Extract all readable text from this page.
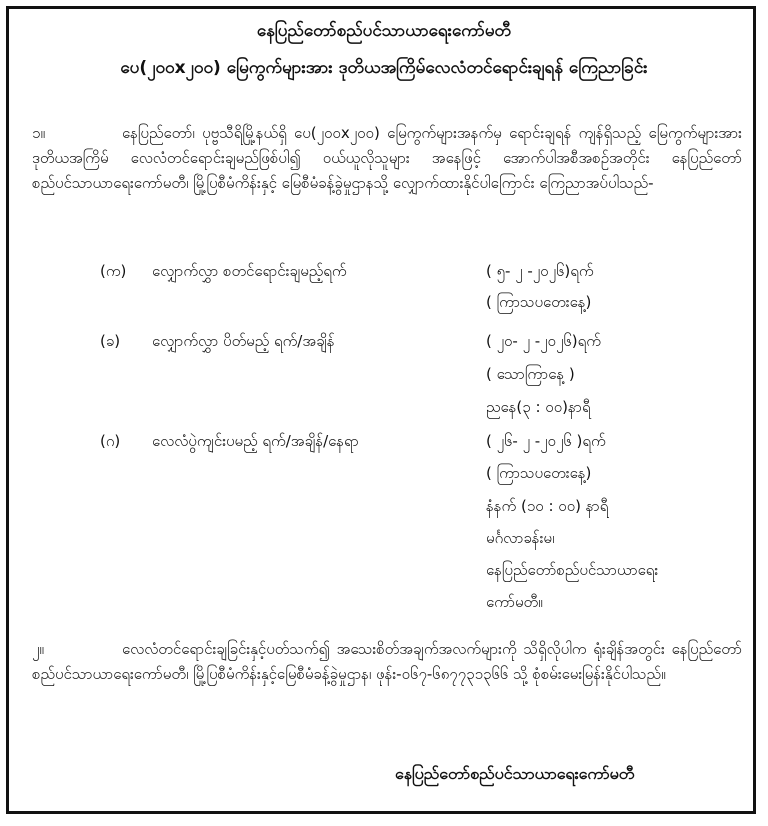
နေပြည်တော်စည်ပင်သာယာရေးကော်မတီ
ပေ(၂၀၀x၂၀၀) မြေကွက်များအား ဒုတိယအကြိမ်လေလံတင်ရောင်းချရန် ကြေညာခြင်း
၁။	နေပြည်တော်၊ ပုဗ္ဗသီရိမြို့နယ်ရှိ ပေ(၂၀၀x၂၀၀) မြေကွက်များအနက်မှ ရောင်းချရန် ကျန်ရှိသည့် မြေကွက်များအား ဒုတိယအကြိမ် လေလံတင်ရောင်းချမည်ဖြစ်ပါ၍ ဝယ်ယူလိုသူများ အနေဖြင့် အောက်ပါအစီအစဉ်အတိုင်း နေပြည်တော်စည်ပင်သာယာရေးကော်မတီ၊ မြို့ပြစီမံကိန်းနှင့် မြေစီမံခန့်ခွဲမှုဌာနသို့ လျှောက်ထားနိုင်ပါကြောင်း ကြေညာအပ်ပါသည်-
(က) လျှောက်လွှာ စတင်ရောင်းချမည့်ရက်	( ၅- ၂ -၂၀၂၆)ရက်
( ကြာသပတေးနေ့)
(ခ) လျှောက်လွှာ ပိတ်မည့် ရက်/အချိန်	( ၂၀- ၂ -၂၀၂၆)ရက်
( သောကြာနေ့ )
ညနေ(၃ : ၀၀)နာရီ
(ဂ) လေလံပွဲကျင်းပမည့် ရက်/အချိန်/နေရာ	( ၂၆- ၂ -၂၀၂၆ )ရက်
( ကြာသပတေးနေ့)
နံနက် (၁၀ : ၀၀) နာရီ
မင်္ဂလာခန်းမ၊
နေပြည်တော်စည်ပင်သာယာရေး
ကော်မတီ။
၂။	လေလံတင်ရောင်းချခြင်းနှင့်ပတ်သက်၍ အသေးစိတ်အချက်အလက်များကို သိရှိလိုပါက ရုံးချိန်အတွင်း နေပြည်တော်စည်ပင်သာယာရေးကော်မတီ၊ မြို့ပြစီမံကိန်းနှင့်မြေစီမံခန့်ခွဲမှုဌာန၊ ဖုန်း-၀၆၇-၆၈၇၇၃၁၃၆၆ သို့ စုံစမ်းမေးမြန်းနိုင်ပါသည်။
နေပြည်တော်စည်ပင်သာယာရေးကော်မတီ
